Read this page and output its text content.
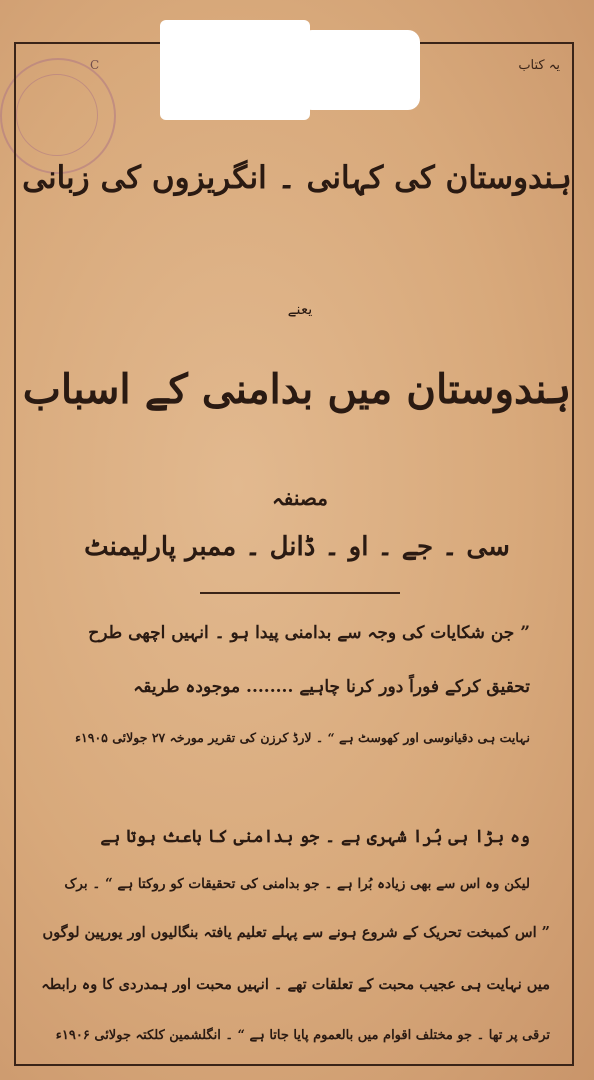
یہ کتاب
C
ہندوستان کی کہانی ۔ انگریزوں کی زبانی
یعنے
ہندوستان میں بدامنی کے اسباب
مصنفہ
سی ۔ جے ۔ او ۔ ڈانل ۔ ممبر پارلیمنٹ
” جن شکایات کی وجہ سے بدامنی پیدا ہو ۔ انہیں اچھی طرح
تحقیق کرکے فوراً دور کرنا چاہیے ........ موجودہ طریقہ
نہایت ہی دقیانوسی اور کھوسٹ ہے “ ۔ لارڈ کرزن کی تقریر مورخہ ۲۷ جولائی ۱۹۰۵ء
وہ بڑا ہی بُرا شہری ہے ۔ جو بدامنی کا باعث ہوتا ہے
لیکن وہ اس سے بھی زیادہ بُرا ہے ۔ جو بدامنی کی تحقیقات کو روکتا ہے “ ۔ برک
” اس کمبخت تحریک کے شروع ہونے سے پہلے تعلیم یافتہ بنگالیوں اور یورپین لوگوں
میں نہایت ہی عجیب محبت کے تعلقات تھے ۔ انہیں محبت اور ہمدردی کا وہ رابطہ
ترقی پر تھا ۔ جو مختلف اقوام میں بالعموم پایا جاتا ہے “ ۔ انگلشمین کلکتہ جولائی ۱۹۰۶ء
